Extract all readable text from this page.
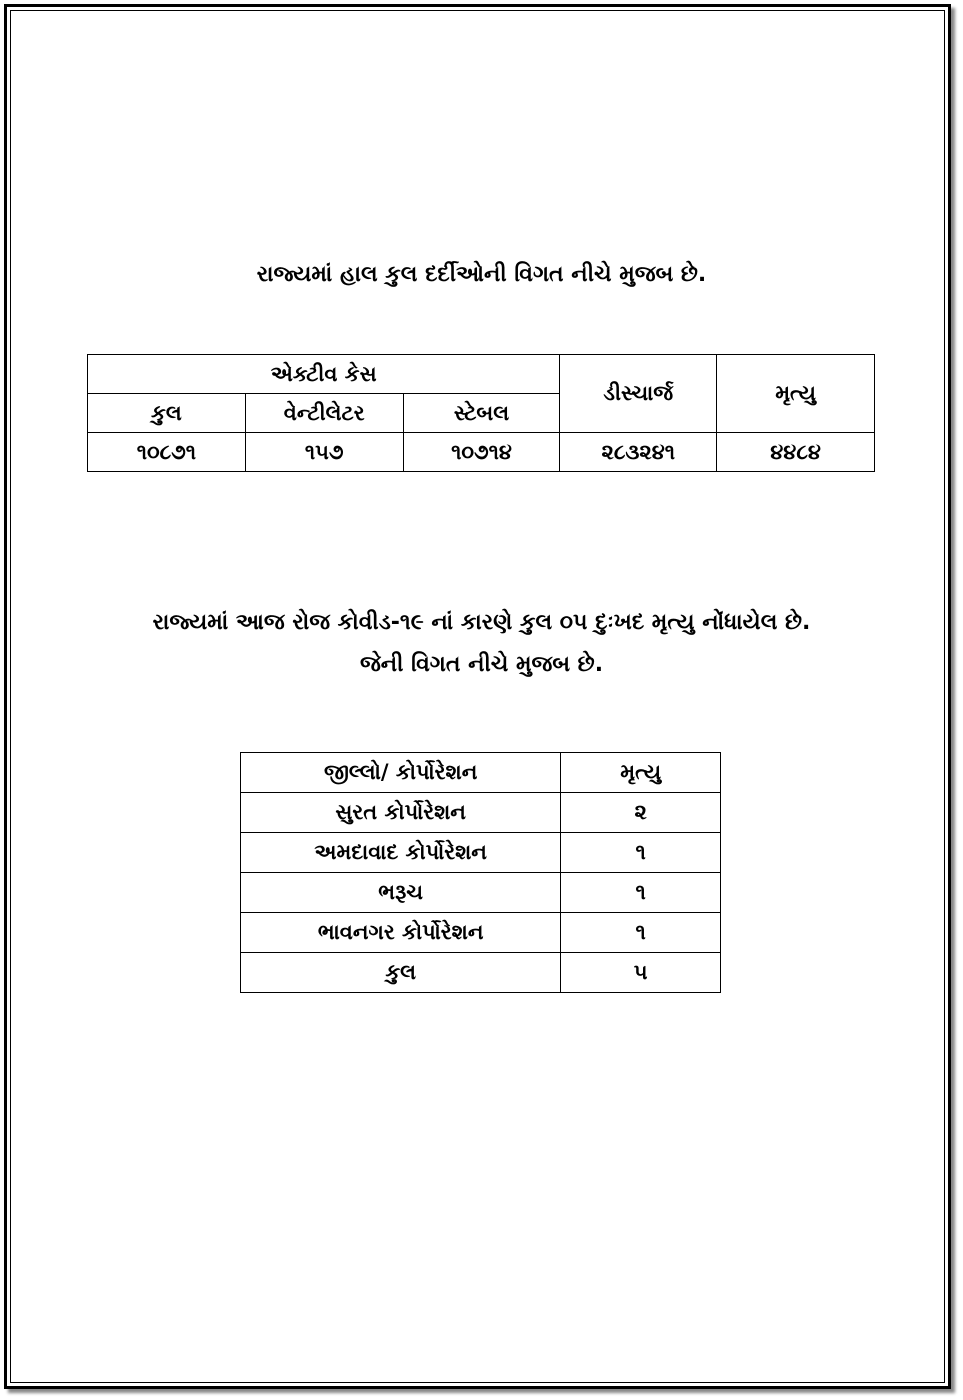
રાજ્યમાં હાલ કુલ દર્દીઓની વિગત નીચે મુજબ છે.
એક્ટીવ કેસ			ડીસ્ચાર્જ	મૃત્યુ
કુલ	વેન્ટીલેટર	સ્ટેબલ		
૧૦૮૭૧	૧૫૭	૧૦૭૧૪	૨૮૩૨૪૧	૪૪૮૪
રાજ્યમાં આજ રોજ કોવીડ-૧૯ નાં કારણે કુલ ૦૫ દુઃખદ મૃત્યુ નોંધાયેલ છે.
જેની વિગત નીચે મુજબ છે.
જીલ્લો/ કોર્પોરેશન	મૃત્યુ
સુરત કોર્પોરેશન	૨
અમદાવાદ કોર્પોરેશન	૧
ભરૂચ	૧
ભાવનગર કોર્પોરેશન	૧
કુલ	૫
